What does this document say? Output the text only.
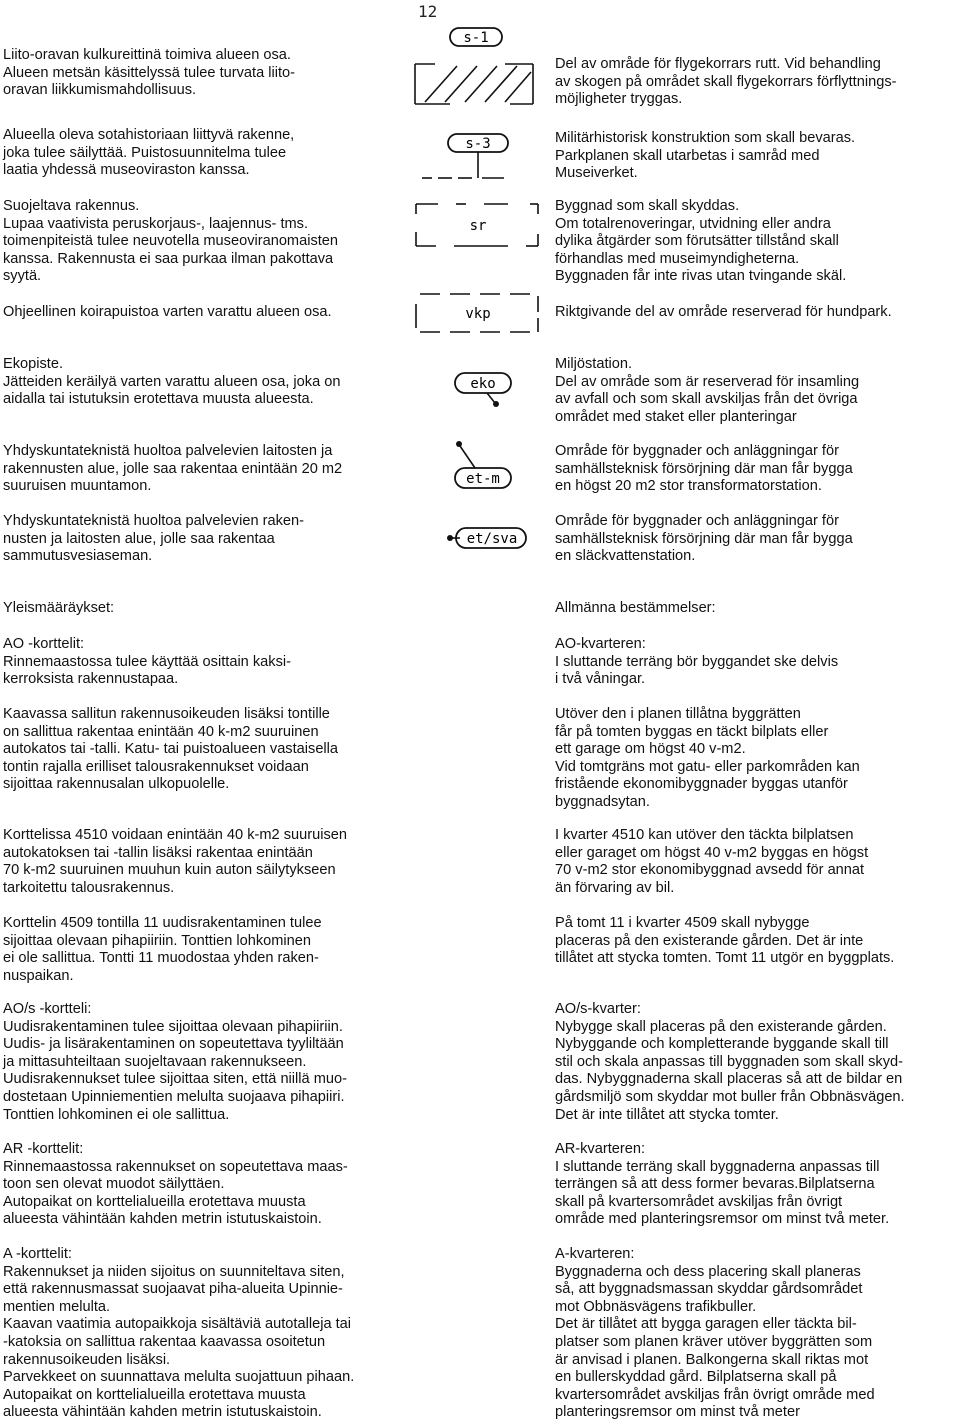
12
s-1
s-3
sr
vkp
eko
et-m
et/sva
Liito-oravan kulkureittinä toimiva alueen osa.
Alueen metsän käsittelyssä tulee turvata liito-
oravan liikkumismahdollisuus.
Del av område för flygekorrars rutt. Vid behandling
av skogen på området skall flygekorrars förflyttnings-
möjligheter tryggas.
Alueella oleva sotahistoriaan liittyvä rakenne,
joka tulee säilyttää. Puistosuunnitelma tulee
laatia yhdessä museoviraston kanssa.
Militärhistorisk konstruktion som skall bevaras.
Parkplanen skall utarbetas i samråd med
Museiverket.
Suojeltava rakennus.
Lupaa vaativista peruskorjaus-, laajennus- tms.
toimenpiteistä tulee neuvotella museoviranomaisten
kanssa. Rakennusta ei saa purkaa ilman pakottava
syytä.
Byggnad som skall skyddas.
Om totalrenoveringar, utvidning eller andra
dylika åtgärder som förutsätter tillstånd skall
förhandlas med museimyndigheterna.
Byggnaden får inte rivas utan tvingande skäl.
Ohjeellinen koirapuistoa varten varattu alueen osa.	Riktgivande del av område reserverad för hundpark.
Ekopiste.
Jätteiden keräilyä varten varattu alueen osa, joka on
aidalla tai istutuksin erotettava muusta alueesta.
Miljöstation.
Del av område som är reserverad för insamling
av avfall och som skall avskiljas från det övriga
området med staket eller planteringar
Yhdyskuntateknistä huoltoa palvelevien laitosten ja
rakennusten alue, jolle saa rakentaa enintään 20 m2
suuruisen muuntamon.
Område för byggnader och anläggningar för
samhällsteknisk försörjning där man får bygga
en högst 20 m2 stor transformatorstation.
Yhdyskuntateknistä huoltoa palvelevien raken-
nusten ja laitosten alue, jolle saa rakentaa
sammutusvesiaseman.
Område för byggnader och anläggningar för
samhällsteknisk försörjning där man får bygga
en släckvattenstation.
Yleismääräykset:	Allmänna bestämmelser:
AO -korttelit:
Rinnemaastossa tulee käyttää osittain kaksi-
kerroksista rakennustapaa.
AO-kvarteren:
I sluttande terräng bör byggandet ske delvis
i två våningar.
Kaavassa sallitun rakennusoikeuden lisäksi tontille
on sallittua rakentaa enintään 40 k-m2 suuruinen
autokatos tai -talli. Katu- tai puistoalueen vastaisella
tontin rajalla erilliset talousrakennukset voidaan
sijoittaa rakennusalan ulkopuolelle.
Utöver den i planen tillåtna byggrätten
får på tomten byggas en täckt bilplats eller
ett garage om högst 40 v-m2.
Vid tomtgräns mot gatu- eller parkområden kan
fristående ekonomibyggnader byggas utanför
byggnadsytan.
Korttelissa 4510 voidaan enintään 40 k-m2 suuruisen
autokatoksen tai -tallin lisäksi rakentaa enintään
70 k-m2 suuruinen muuhun kuin auton säilytykseen
tarkoitettu talousrakennus.
I kvarter 4510 kan utöver den täckta bilplatsen
eller garaget om högst 40 v-m2 byggas en högst
70 v-m2 stor ekonomibyggnad avsedd för annat
än förvaring av bil.
Korttelin 4509 tontilla 11 uudisrakentaminen tulee
sijoittaa olevaan pihapiiriin. Tonttien lohkominen
ei ole sallittua. Tontti 11 muodostaa yhden raken-
nuspaikan.
På tomt 11 i kvarter 4509 skall nybygge
placeras på den existerande gården. Det är inte
tillåtet att stycka tomten. Tomt 11 utgör en byggplats.
AO/s -kortteli:
Uudisrakentaminen tulee sijoittaa olevaan pihapiiriin.
Uudis- ja lisärakentaminen on sopeutettava tyyliltään
ja mittasuhteiltaan suojeltavaan rakennukseen.
Uudisrakennukset tulee sijoittaa siten, että niillä muo-
dostetaan Upinniementien melulta suojaava pihapiiri.
Tonttien lohkominen ei ole sallittua.
AO/s-kvarter:
Nybygge skall placeras på den existerande gården.
Nybyggande och kompletterande byggande skall till
stil och skala anpassas till byggnaden som skall skyd-
das. Nybyggnaderna skall placeras så att de bildar en
gårdsmiljö som skyddar mot buller från Obbnäsvägen.
Det är inte tillåtet att stycka tomter.
AR -korttelit:
Rinnemaastossa rakennukset on sopeutettava maas-
toon sen olevat muodot säilyttäen.
Autopaikat on korttelialueilla erotettava muusta
alueesta vähintään kahden metrin istutuskaistoin.
AR-kvarteren:
I sluttande terräng skall byggnaderna anpassas till
terrängen så att dess former bevaras.Bilplatserna
skall på kvartersområdet avskiljas från övrigt
område med planteringsremsor om minst två meter.
A -korttelit:
Rakennukset ja niiden sijoitus on suunniteltava siten,
että rakennusmassat suojaavat piha-alueita Upinnie-
mentien melulta.
Kaavan vaatimia autopaikkoja sisältäviä autotalleja tai
-katoksia on sallittua rakentaa kaavassa osoitetun
rakennusoikeuden lisäksi.
Parvekkeet on suunnattava melulta suojattuun pihaan.
Autopaikat on korttelialueilla erotettava muusta
alueesta vähintään kahden metrin istutuskaistoin.
A-kvarteren:
Byggnaderna och dess placering skall planeras
så, att byggnadsmassan skyddar gårdsområdet
mot Obbnäsvägens trafikbuller.
Det är tillåtet att bygga garagen eller täckta bil-
platser som planen kräver utöver byggrätten som
är anvisad i planen. Balkongerna skall riktas mot
en bullerskyddad gård. Bilplatserna skall på
kvartersområdet avskiljas från övrigt område med
planteringsremsor om minst två meter
